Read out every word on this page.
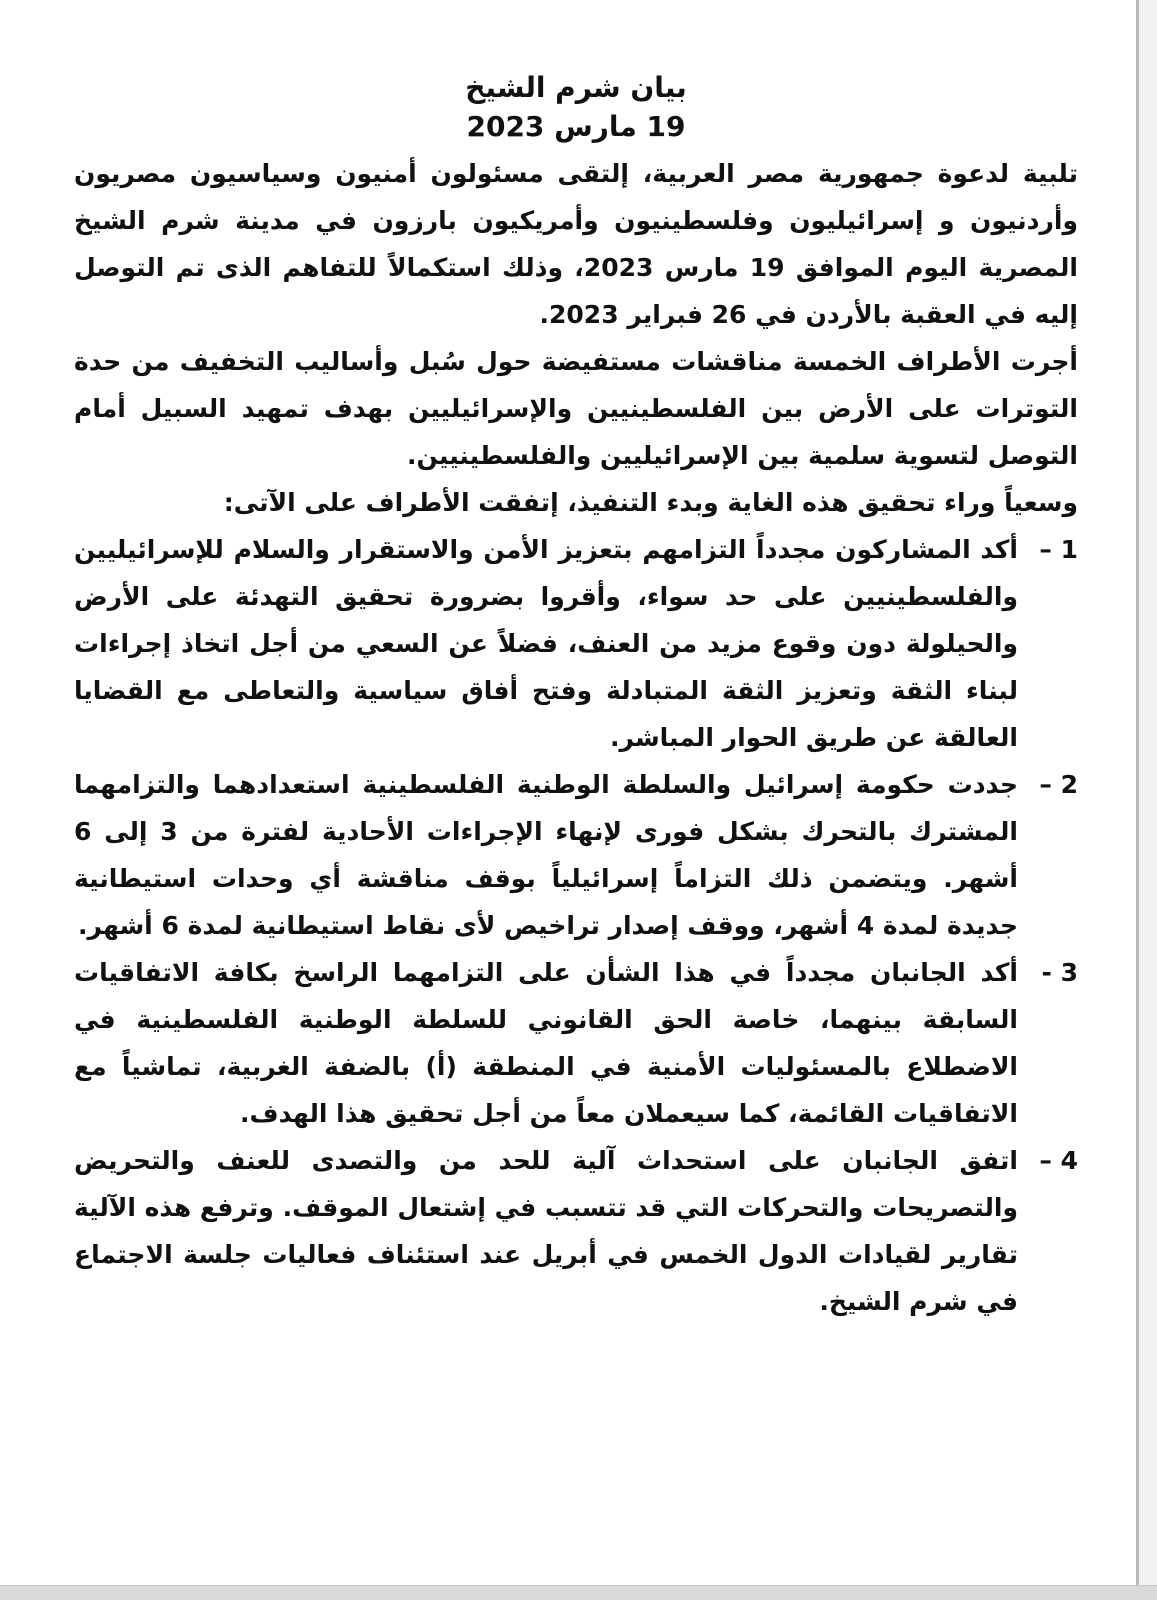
بيان شرم الشيخ
19 مارس 2023

تلبية لدعوة جمهورية مصر العربية، إلتقى مسئولون أمنيون وسياسيون مصريون وأردنيون و إسرائيليون وفلسطينيون وأمريكيون بارزون في مدينة شرم الشيخ المصرية اليوم الموافق 19 مارس 2023، وذلك استكمالاً للتفاهم الذى تم التوصل إليه في العقبة بالأردن في 26 فبراير 2023.

أجرت الأطراف الخمسة مناقشات مستفيضة حول سُبل وأساليب التخفيف من حدة التوترات على الأرض بين الفلسطينيين والإسرائيليين بهدف تمهيد السبيل أمام التوصل لتسوية سلمية بين الإسرائيليين والفلسطينيين.

وسعياً وراء تحقيق هذه الغاية وبدء التنفيذ، إتفقت الأطراف على الآتى:

1 –
أكد المشاركون مجدداً التزامهم بتعزيز الأمن والاستقرار والسلام للإسرائيليين والفلسطينيين على حد سواء، وأقروا بضرورة تحقيق التهدئة على الأرض والحيلولة دون وقوع مزيد من العنف، فضلاً عن السعي من أجل اتخاذ إجراءات لبناء الثقة وتعزيز الثقة المتبادلة وفتح أفاق سياسية والتعاطى مع القضايا العالقة عن طريق الحوار المباشر.
2 –
جددت حكومة إسرائيل والسلطة الوطنية الفلسطينية استعدادهما والتزامهما المشترك بالتحرك بشكل فورى لإنهاء الإجراءات الأحادية لفترة من 3 إلى 6 أشهر. ويتضمن ذلك التزاماً إسرائيلياً بوقف مناقشة أي وحدات استيطانية جديدة لمدة 4 أشهر، ووقف إصدار تراخيص لأى نقاط استيطانية لمدة 6 أشهر.
3 -
أكد الجانبان مجدداً في هذا الشأن على التزامهما الراسخ بكافة الاتفاقيات السابقة بينهما، خاصة الحق القانوني للسلطة الوطنية الفلسطينية في الاضطلاع بالمسئوليات الأمنية في المنطقة (أ) بالضفة الغربية، تماشياً مع الاتفاقيات القائمة، كما سيعملان معاً من أجل تحقيق هذا الهدف.
4 –
اتفق الجانبان على استحداث آلية للحد من والتصدى للعنف والتحريض والتصريحات والتحركات التي قد تتسبب في إشتعال الموقف. وترفع هذه الآلية تقارير لقيادات الدول الخمس في أبريل عند استئناف فعاليات جلسة الاجتماع في شرم الشيخ.
